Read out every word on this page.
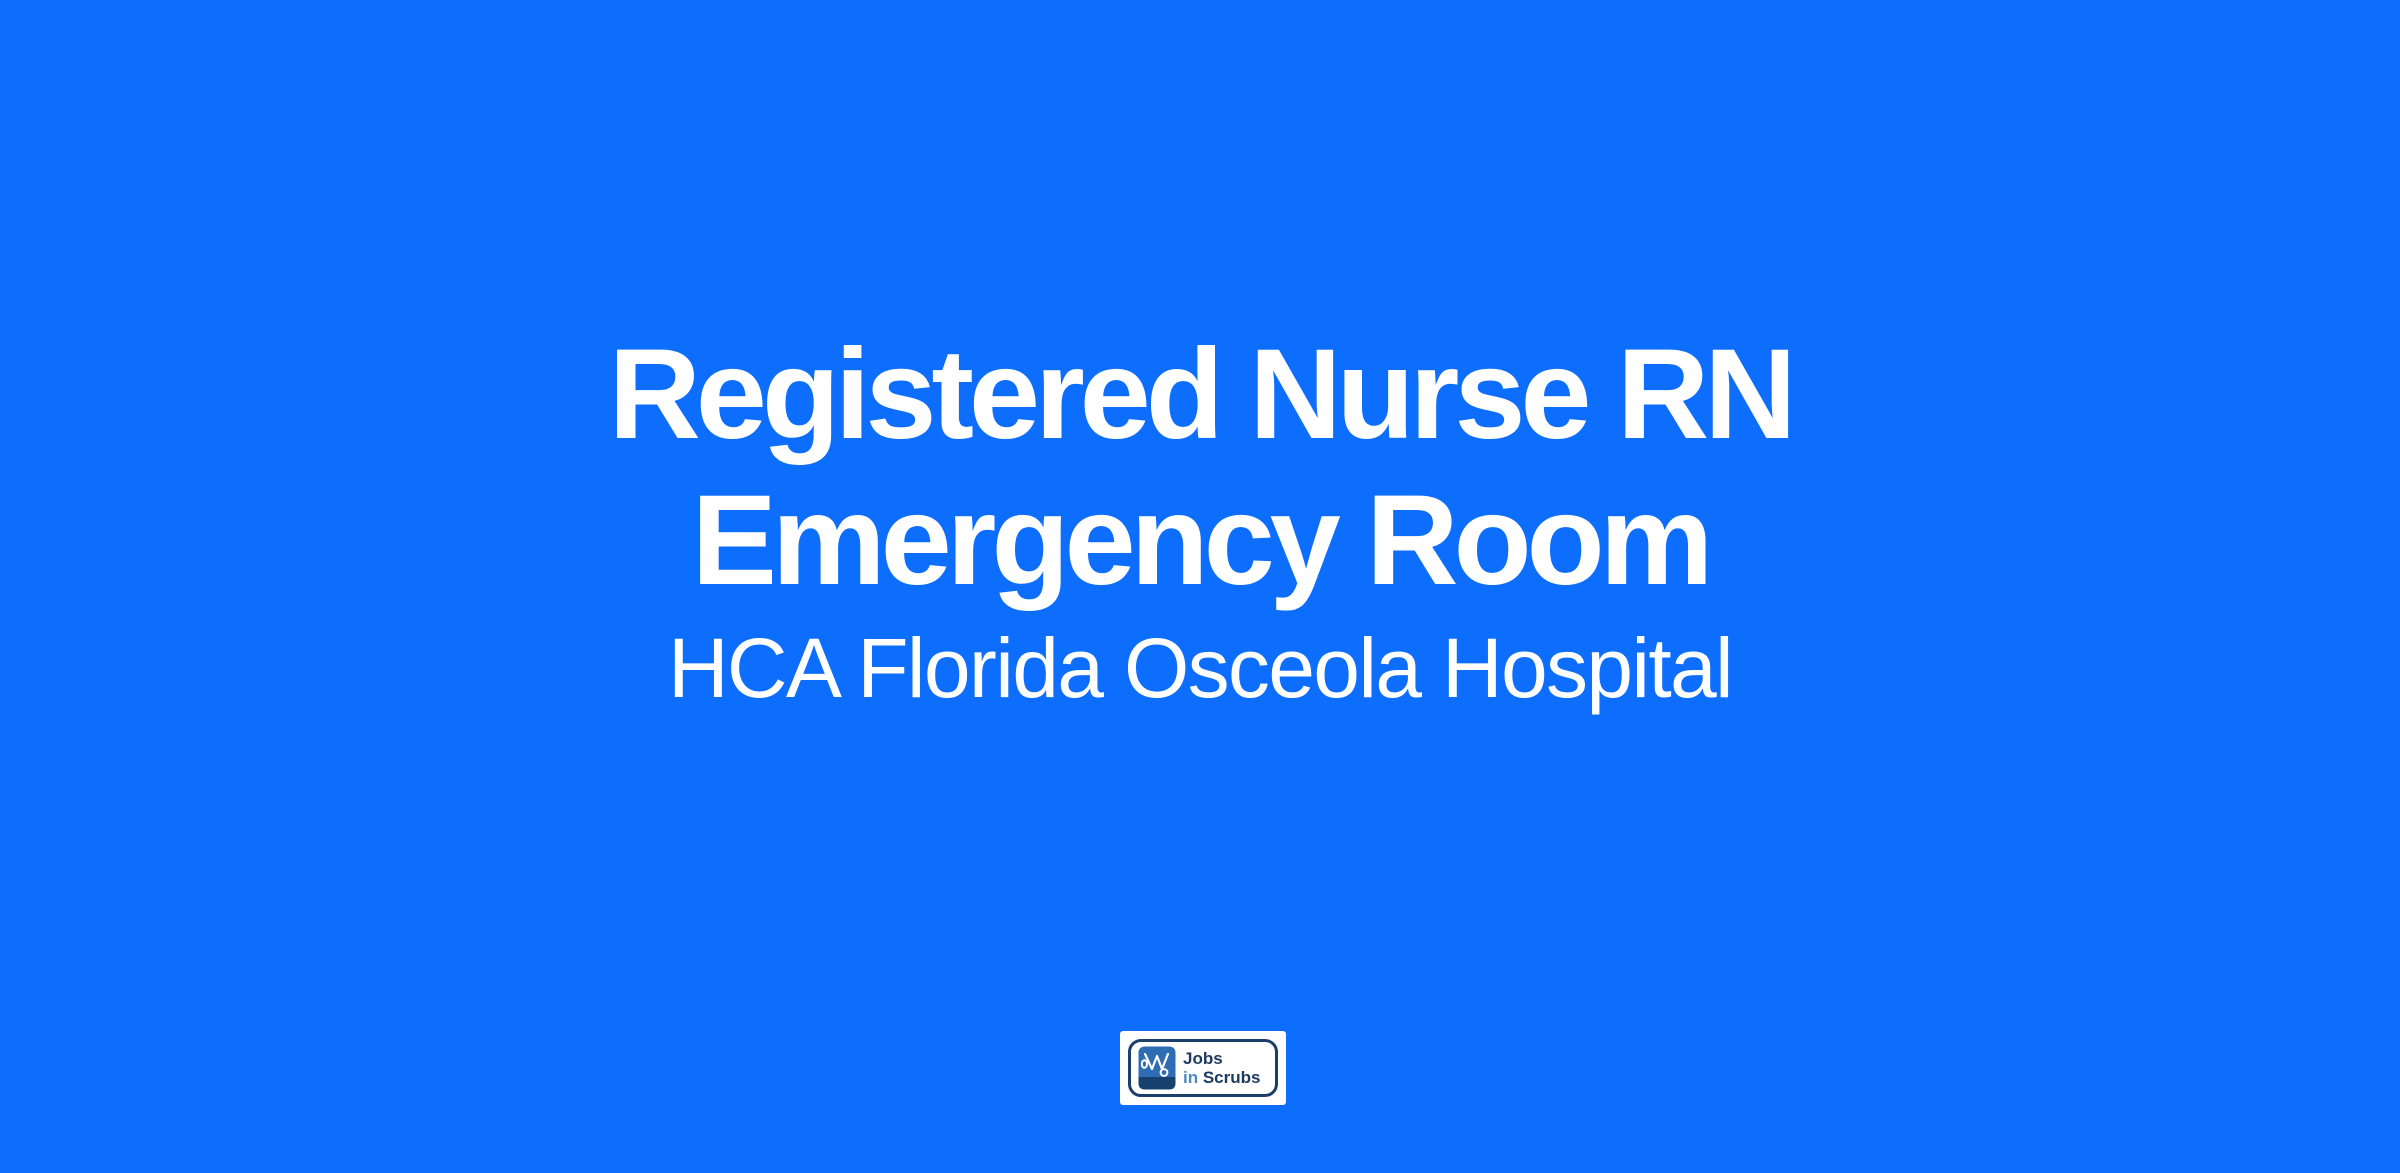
Registered Nurse RN
Emergency Room
HCA Florida Osceola Hospital
Jobs
in Scrubs
